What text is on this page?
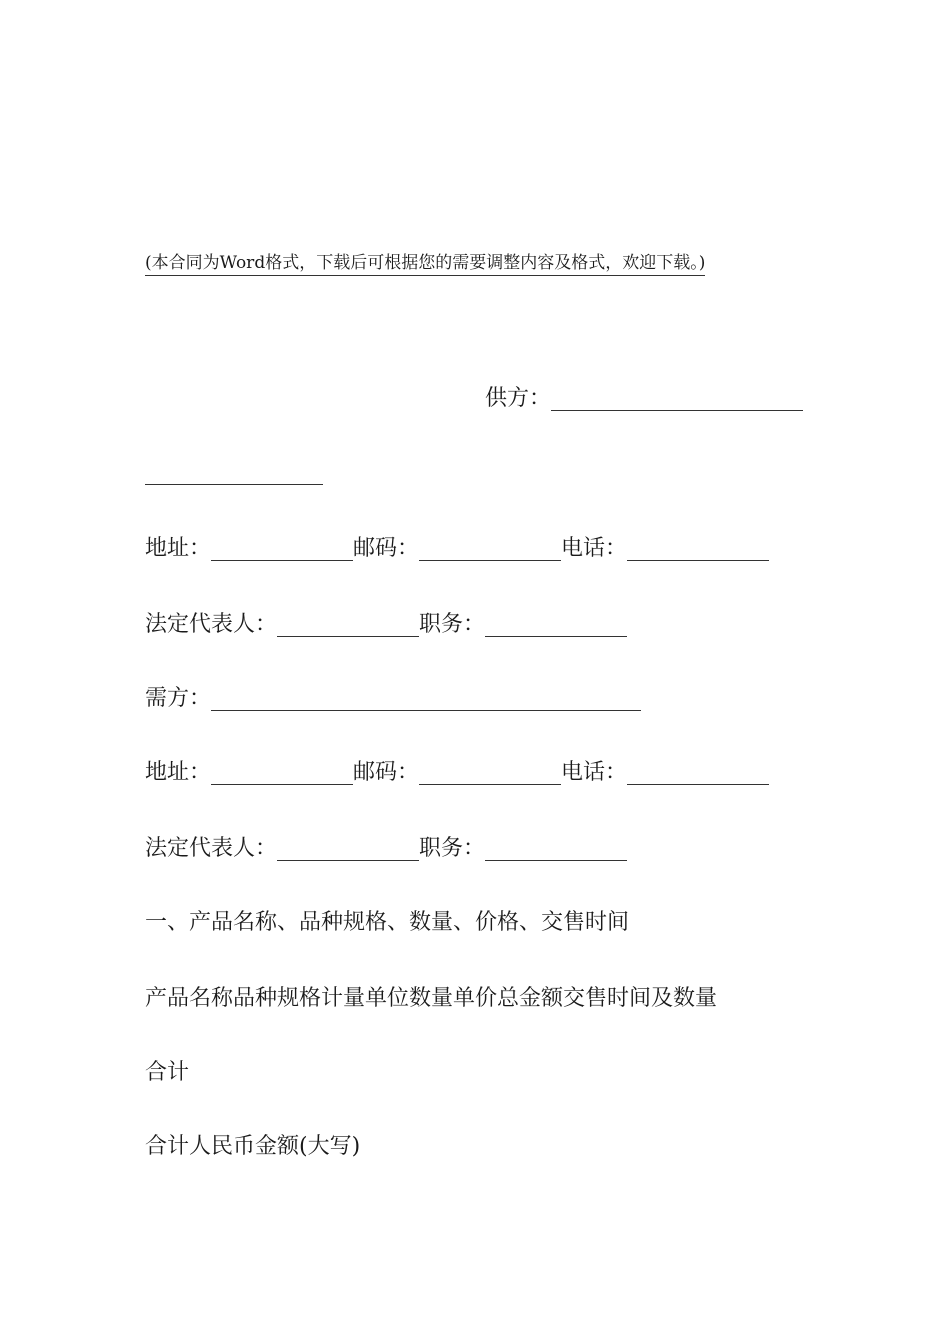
(本合同为Word格式，下载后可根据您的需要调整内容及格式，欢迎下载。)
供方：
地址：	邮码：	电话：
法定代表人：	职务：
需方：
地址：	邮码：	电话：
法定代表人：	职务：
一、产品名称、品种规格、数量、价格、交售时间
产品名称品种规格计量单位数量单价总金额交售时间及数量
合计
合计人民币金额(大写)
